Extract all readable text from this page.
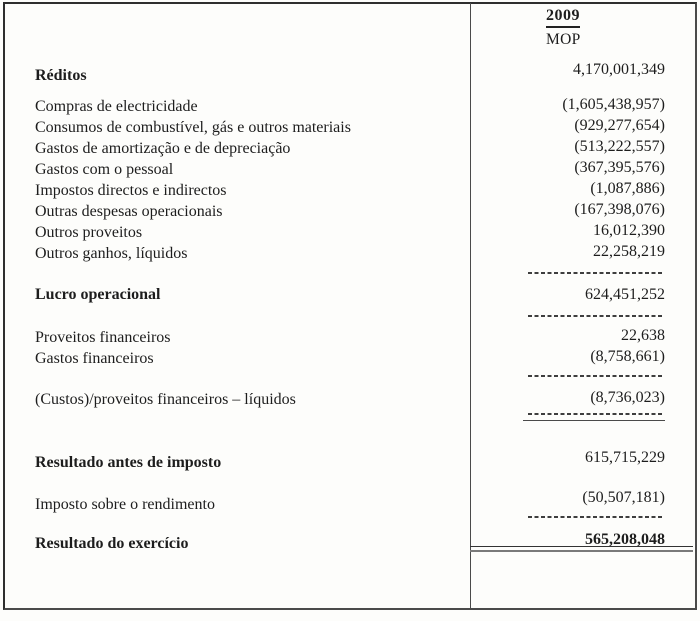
2009
MOP
Réditos	4,170,001,349
Compras de electricidade	(1,605,438,957)
Consumos de combustível, gás e outros materiais	(929,277,654)
Gastos de amortização e de depreciação	(513,222,557)
Gastos com o pessoal	(367,395,576)
Impostos directos e indirectos	(1,087,886)
Outras despesas operacionais	(167,398,076)
Outros proveitos	16,012,390
Outros ganhos, líquidos	22,258,219
Lucro operacional	624,451,252
Proveitos financeiros	22,638
Gastos financeiros	(8,758,661)
(Custos)/proveitos financeiros – líquidos	(8,736,023)
Resultado antes de imposto	615,715,229
Imposto sobre o rendimento	(50,507,181)
Resultado do exercício	565,208,048
